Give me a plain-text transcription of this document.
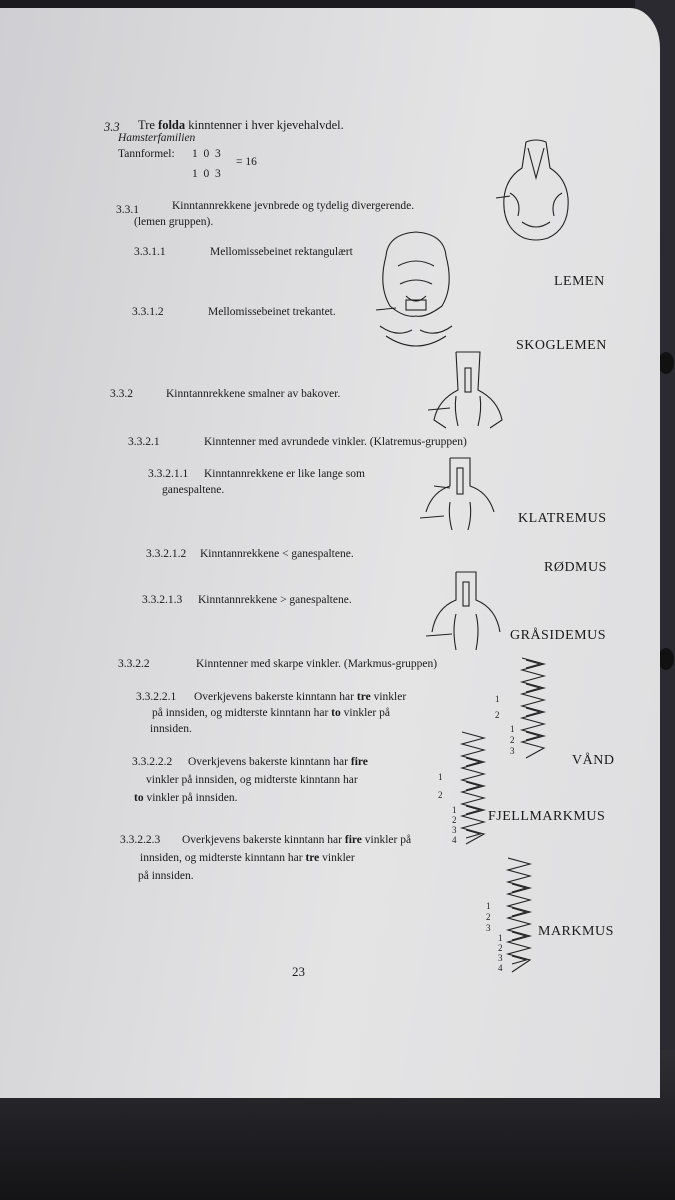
3.3 Tre folda kinntenner i hver kjevehalvdel.
Hamsterfamilien
Tannformel: 1  0  3
1  0  3
= 16
3.3.1	Kinntannrekkene jevnbrede og tydelig divergerende.
(lemen gruppen).
3.3.1.1	Mellomissebeinet rektangulært
LEMEN
3.3.1.2	Mellomissebeinet trekantet.
SKOGLEMEN
3.3.2	Kinntannrekkene smalner av bakover.
3.3.2.1	Kinntenner med avrundede vinkler. (Klatremus-gruppen)
3.3.2.1.1 Kinntannrekkene er like lange som
ganespaltene.
KLATREMUS
3.3.2.1.2 Kinntannrekkene < ganespaltene.
RØDMUS
3.3.2.1.3 Kinntannrekkene > ganespaltene.
GRÅSIDEMUS
3.3.2.2	Kinntenner med skarpe vinkler. (Markmus-gruppen)
3.3.2.2.1 Overkjevens bakerste kinntann har tre vinkler
på innsiden, og midterste kinntann har to vinkler på
innsiden.
VÅND
3.3.2.2.2 Overkjevens bakerste kinntann har fire
vinkler på innsiden, og midterste kinntann har
to vinkler på innsiden.
FJELLMARKMUS
3.3.2.2.3 Overkjevens bakerste kinntann har fire vinkler på
innsiden, og midterste kinntann har tre vinkler
på innsiden.
MARKMUS
1
2
1
2
3
1
2
1
2
3
4
1
2
3
1
2
3
4
23
